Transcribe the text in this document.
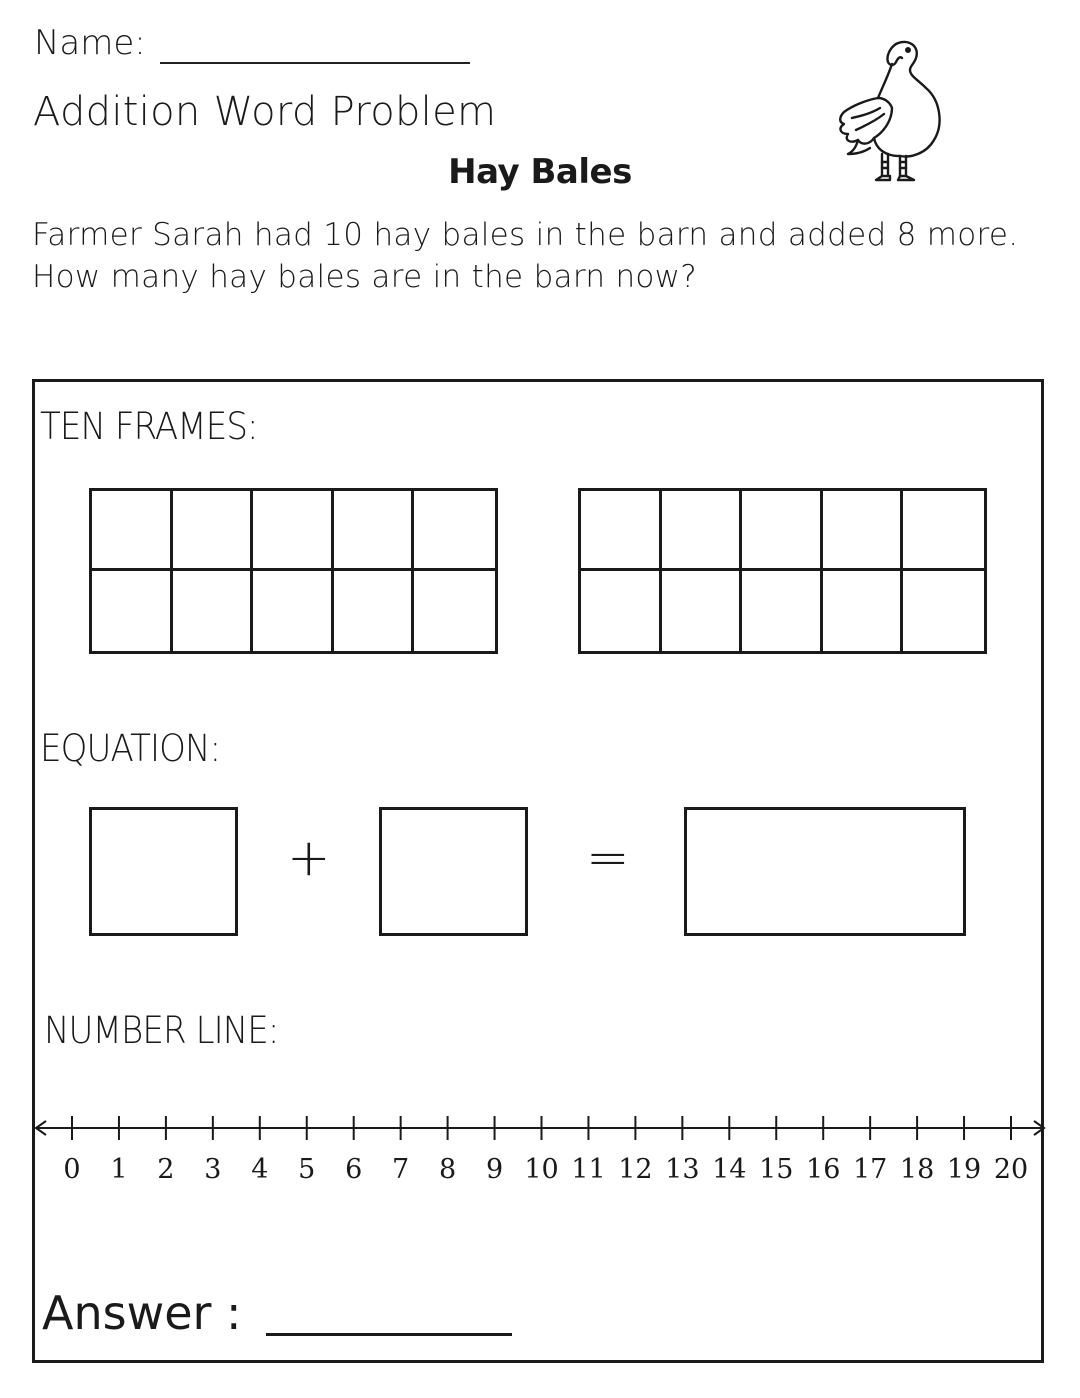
Name:
Addition Word Problem
Hay Bales
Farmer Sarah had 10 hay bales in the barn and added 8 more.
How many hay bales are in the barn now?
TEN FRAMES:
EQUATION:
+	=
NUMBER LINE:
0 1 2 3 4 5 6 7 8 9 10 11 12 13 14 15 16 17 18 19 20
Answer :
